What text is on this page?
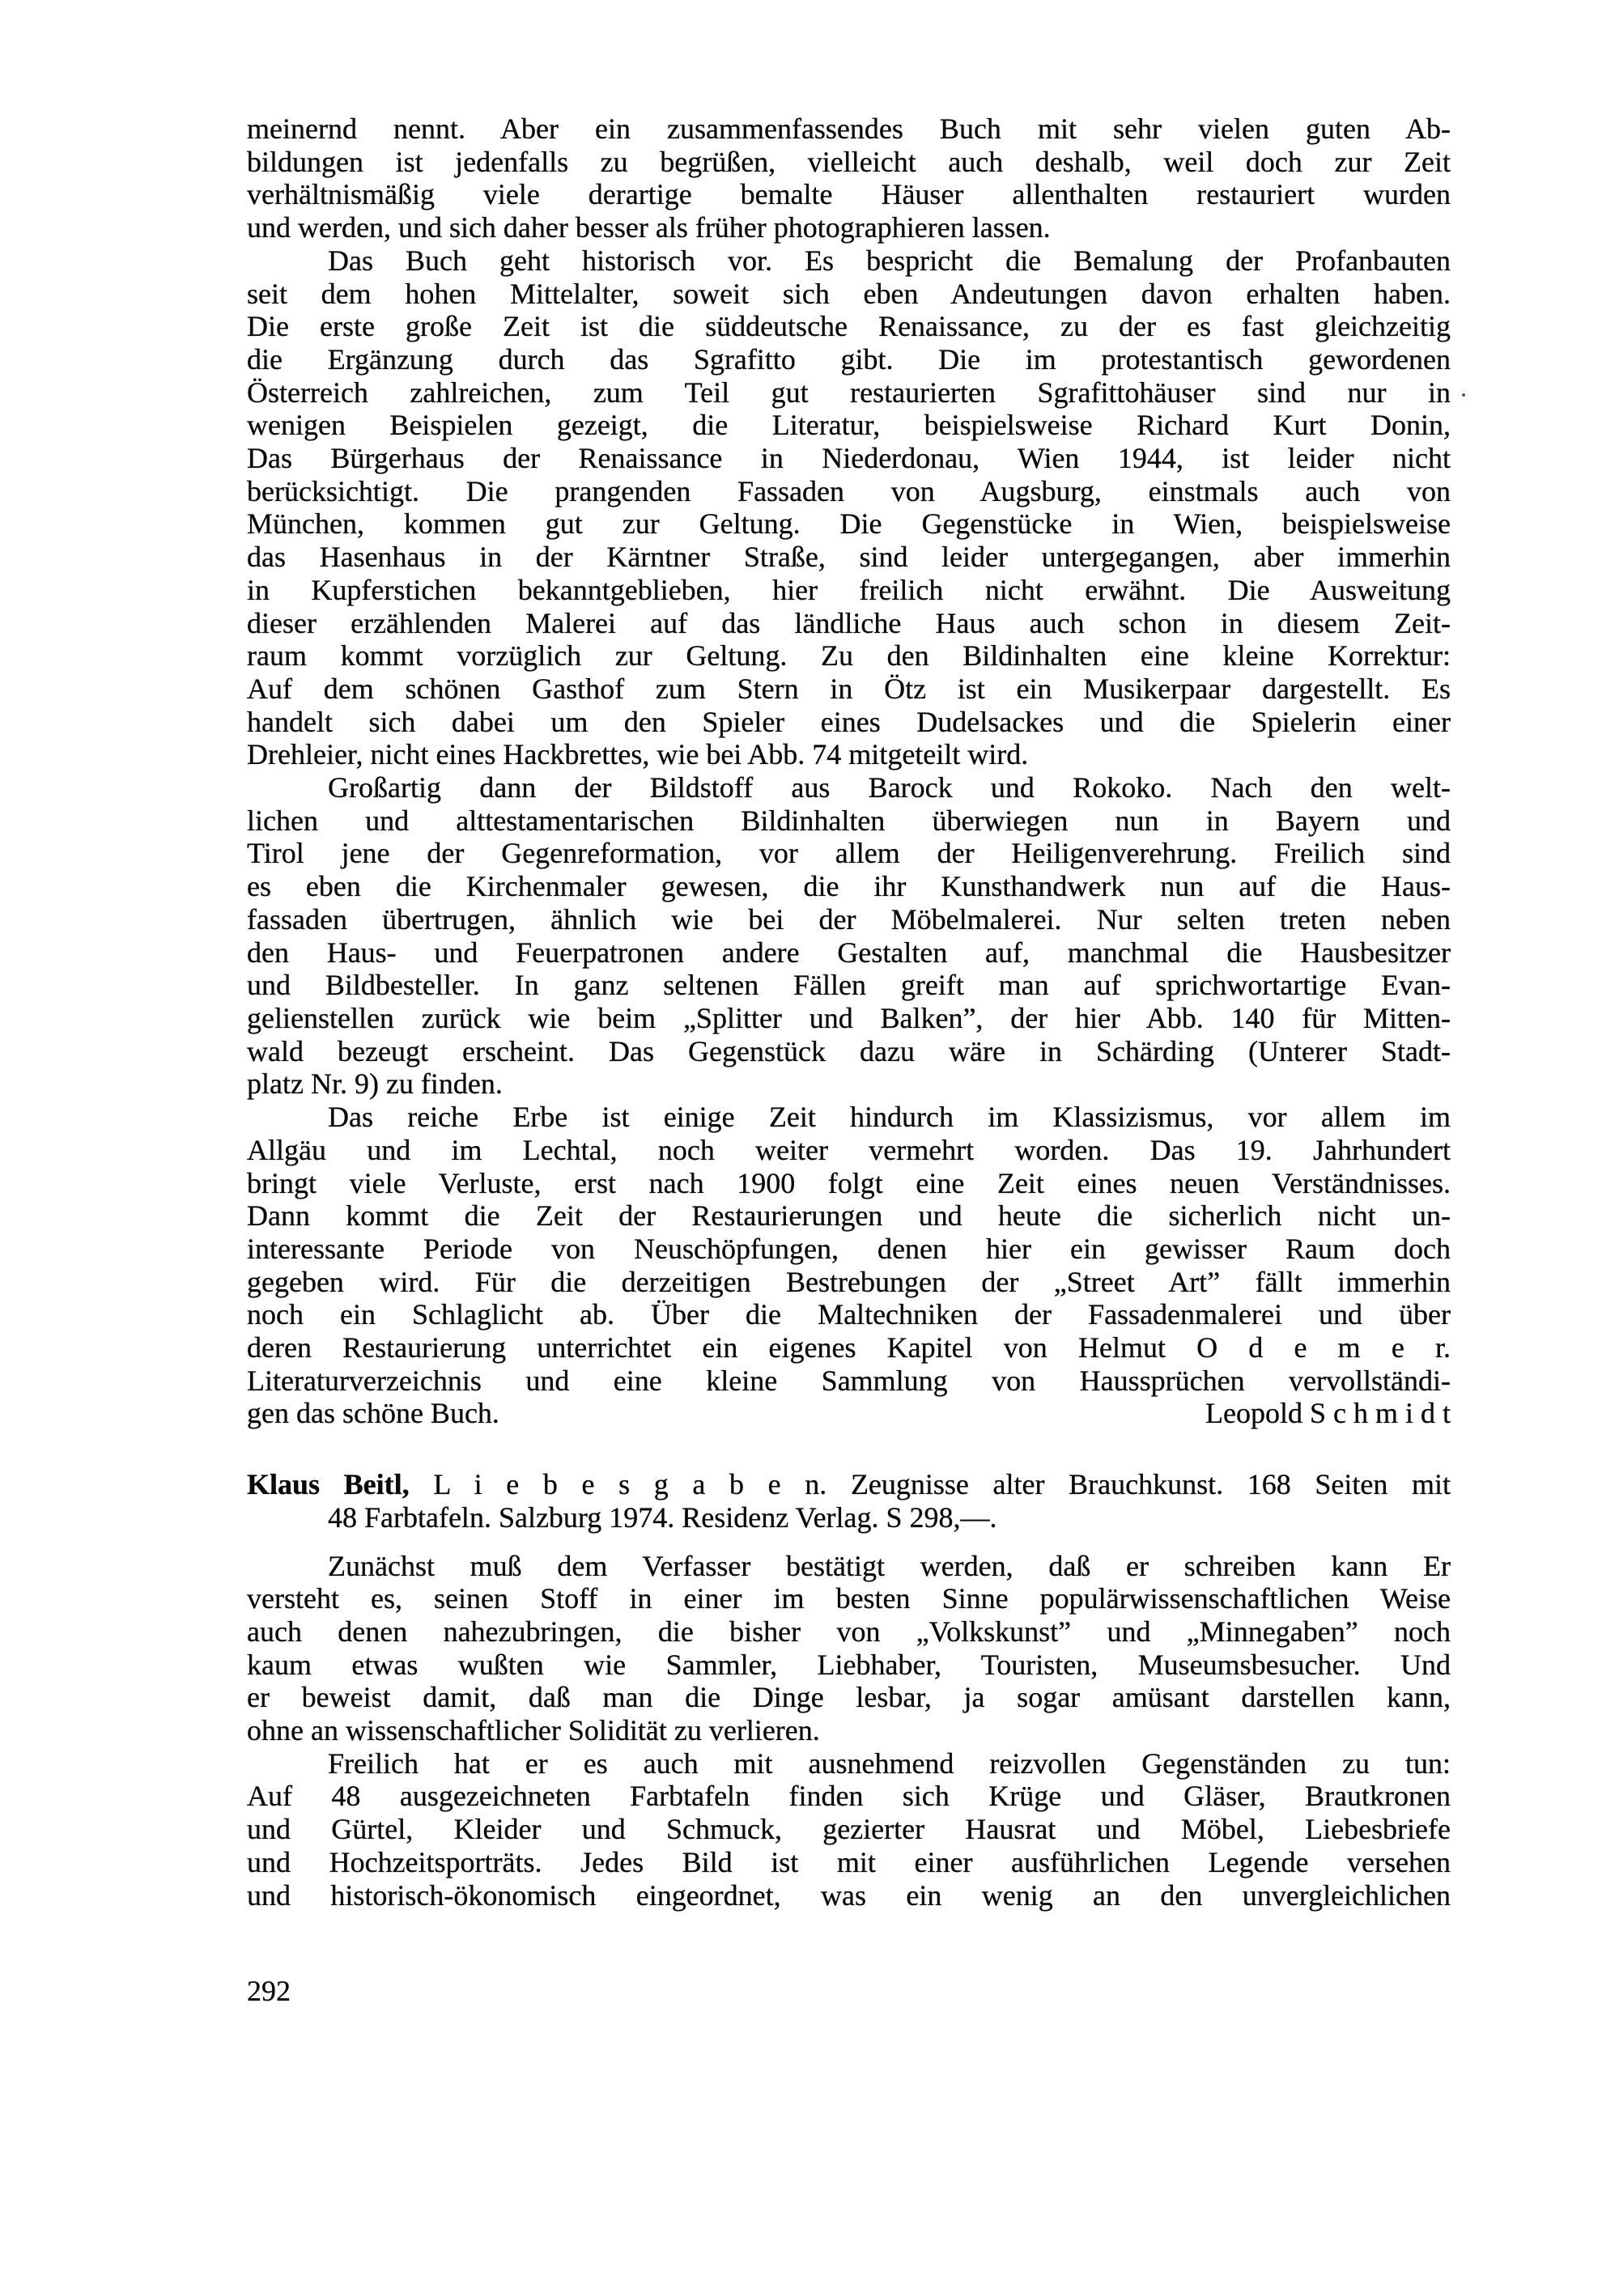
meinernd nennt. Aber ein zusammenfassendes Buch mit sehr vielen guten Ab-
bildungen ist jedenfalls zu begrüßen, vielleicht auch deshalb, weil doch zur Zeit
verhältnismäßig viele derartige bemalte Häuser allenthalten restauriert wurden
und werden, und sich daher besser als früher photographieren lassen.
Das Buch geht historisch vor. Es bespricht die Bemalung der Profanbauten
seit dem hohen Mittelalter, soweit sich eben Andeutungen davon erhalten haben.
Die erste große Zeit ist die süddeutsche Renaissance, zu der es fast gleichzeitig
die Ergänzung durch das Sgrafitto gibt. Die im protestantisch gewordenen
Österreich zahlreichen, zum Teil gut restaurierten Sgrafittohäuser sind nur in
wenigen Beispielen gezeigt, die Literatur, beispielsweise Richard Kurt Donin,
Das Bürgerhaus der Renaissance in Niederdonau, Wien 1944, ist leider nicht
berücksichtigt. Die prangenden Fassaden von Augsburg, einstmals auch von
München, kommen gut zur Geltung. Die Gegenstücke in Wien, beispielsweise
das Hasenhaus in der Kärntner Straße, sind leider untergegangen, aber immerhin
in Kupferstichen bekanntgeblieben, hier freilich nicht erwähnt. Die Ausweitung
dieser erzählenden Malerei auf das ländliche Haus auch schon in diesem Zeit-
raum kommt vorzüglich zur Geltung. Zu den Bildinhalten eine kleine Korrektur:
Auf dem schönen Gasthof zum Stern in Ötz ist ein Musikerpaar dargestellt. Es
handelt sich dabei um den Spieler eines Dudelsackes und die Spielerin einer
Drehleier, nicht eines Hackbrettes, wie bei Abb. 74 mitgeteilt wird.
Großartig dann der Bildstoff aus Barock und Rokoko. Nach den welt-
lichen und alttestamentarischen Bildinhalten überwiegen nun in Bayern und
Tirol jene der Gegenreformation, vor allem der Heiligenverehrung. Freilich sind
es eben die Kirchenmaler gewesen, die ihr Kunsthandwerk nun auf die Haus-
fassaden übertrugen, ähnlich wie bei der Möbelmalerei. Nur selten treten neben
den Haus- und Feuerpatronen andere Gestalten auf, manchmal die Hausbesitzer
und Bildbesteller. In ganz seltenen Fällen greift man auf sprichwortartige Evan-
gelienstellen zurück wie beim „Splitter und Balken”, der hier Abb. 140 für Mitten-
wald bezeugt erscheint. Das Gegenstück dazu wäre in Schärding (Unterer Stadt-
platz Nr. 9) zu finden.
Das reiche Erbe ist einige Zeit hindurch im Klassizismus, vor allem im
Allgäu und im Lechtal, noch weiter vermehrt worden. Das 19. Jahrhundert
bringt viele Verluste, erst nach 1900 folgt eine Zeit eines neuen Verständnisses.
Dann kommt die Zeit der Restaurierungen und heute die sicherlich nicht un-
interessante Periode von Neuschöpfungen, denen hier ein gewisser Raum doch
gegeben wird. Für die derzeitigen Bestrebungen der „Street Art” fällt immerhin
noch ein Schlaglicht ab. Über die Maltechniken der Fassadenmalerei und über
deren Restaurierung unterrichtet ein eigenes Kapitel von Helmut O d e m e r.
Literaturverzeichnis und eine kleine Sammlung von Haussprüchen vervollständi-
gen das schöne Buch.	Leopold S c h m i d t
Klaus Beitl, L i e b e s g a b e n. Zeugnisse alter Brauchkunst. 168 Seiten mit
48 Farbtafeln. Salzburg 1974. Residenz Verlag. S 298,—.
Zunächst muß dem Verfasser bestätigt werden, daß er schreiben kann Er
versteht es, seinen Stoff in einer im besten Sinne populärwissenschaftlichen Weise
auch denen nahezubringen, die bisher von „Volkskunst” und „Minnegaben” noch
kaum etwas wußten wie Sammler, Liebhaber, Touristen, Museumsbesucher. Und
er beweist damit, daß man die Dinge lesbar, ja sogar amüsant darstellen kann,
ohne an wissenschaftlicher Solidität zu verlieren.
Freilich hat er es auch mit ausnehmend reizvollen Gegenständen zu tun:
Auf 48 ausgezeichneten Farbtafeln finden sich Krüge und Gläser, Brautkronen
und Gürtel, Kleider und Schmuck, gezierter Hausrat und Möbel, Liebesbriefe
und Hochzeitsporträts. Jedes Bild ist mit einer ausführlichen Legende versehen
und historisch-ökonomisch eingeordnet, was ein wenig an den unvergleichlichen
292
